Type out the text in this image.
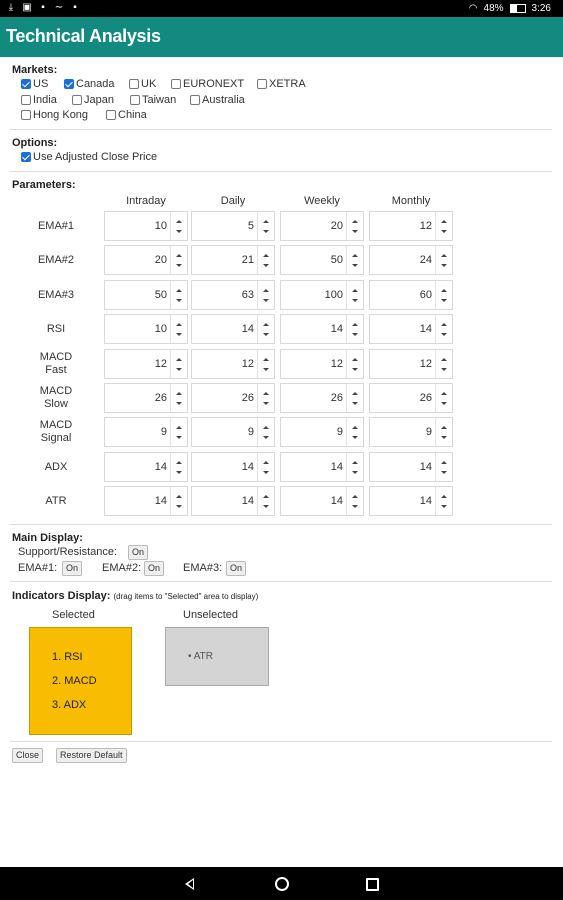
⤓ ▣ ▪	∼	▪	◠ 48%	3:26
Technical Analysis
Markets:
US	Canada UK EURONEXT XETRA
India Japan	Taiwan Australia
Hong Kong	China
Options:
Use Adjusted Close Price
Parameters:
Intraday	Daily	Weekly	Monthly
EMA#1	10	5	20	12
EMA#2	20	21	50	24
EMA#3	50	63	100	60
RSI	10	14	14	14
MACD
Fast	12	12	12	12
MACD
Slow	26	26	26	26
MACD
Signal	9	9	9	9
ADX	14	14	14	14
ATR	14	14	14	14
Main Display:
Support/Resistance:	On
EMA#1: On	EMA#2: On	EMA#3: On
Indicators Display: (drag items to "Selected" area to display)
Selected	Unselected
1. RSI
2. MACD
3. ADX
• ATR
Close	Restore Default
